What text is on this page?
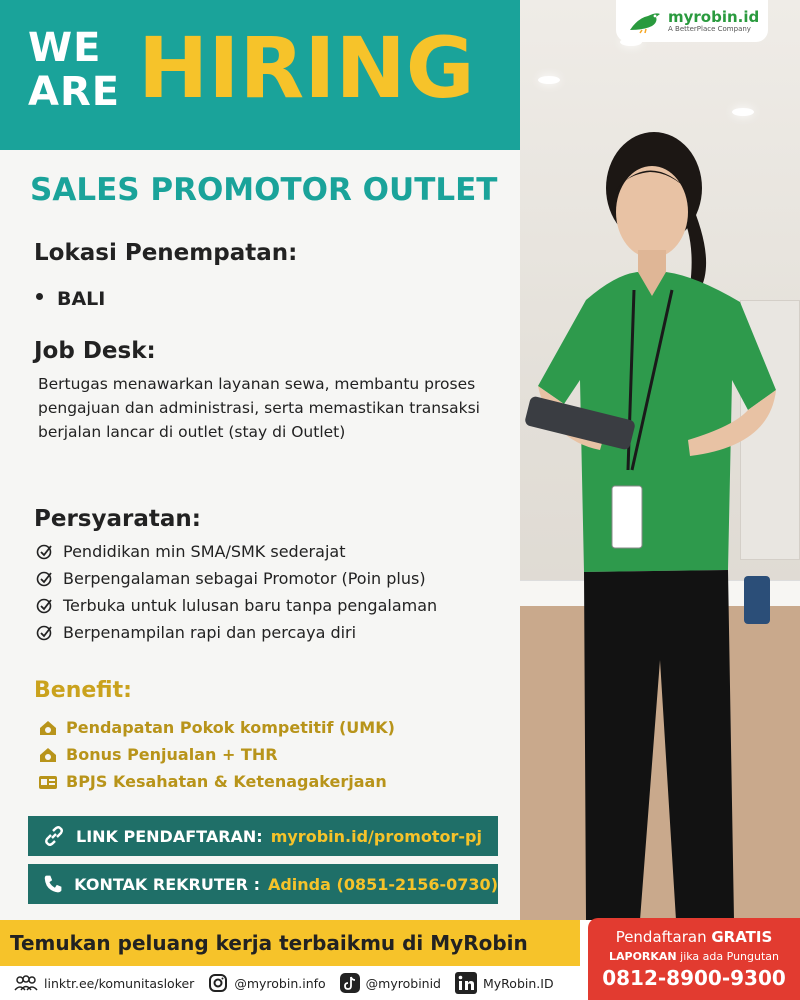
myrobin.id
A BetterPlace Company
WE ARE HIRING
SALES PROMOTOR OUTLET
Lokasi Penempatan:
BALI
Job Desk:
Bertugas menawarkan layanan sewa, membantu proses pengajuan dan administrasi, serta memastikan transaksi berjalan lancar di outlet (stay di Outlet)
Persyaratan:
Pendidikan min SMA/SMK sederajat
Berpengalaman sebagai Promotor (Poin plus)
Terbuka untuk lulusan baru tanpa pengalaman
Berpenampilan rapi dan percaya diri
Benefit:
Pendapatan Pokok kompetitif (UMK)
Bonus Penjualan + THR
BPJS Kesahatan & Ketenagakerjaan
LINK PENDAFTARAN: myrobin.id/promotor-pj
KONTAK REKRUTER : Adinda (0851-2156-0730)
Temukan peluang kerja terbaikmu di MyRobin
linktr.ee/komunitasloker	@myrobin.info	@myrobinid	MyRobin.ID
Pendaftaran GRATIS
LAPORKAN jika ada Pungutan
0812-8900-9300
